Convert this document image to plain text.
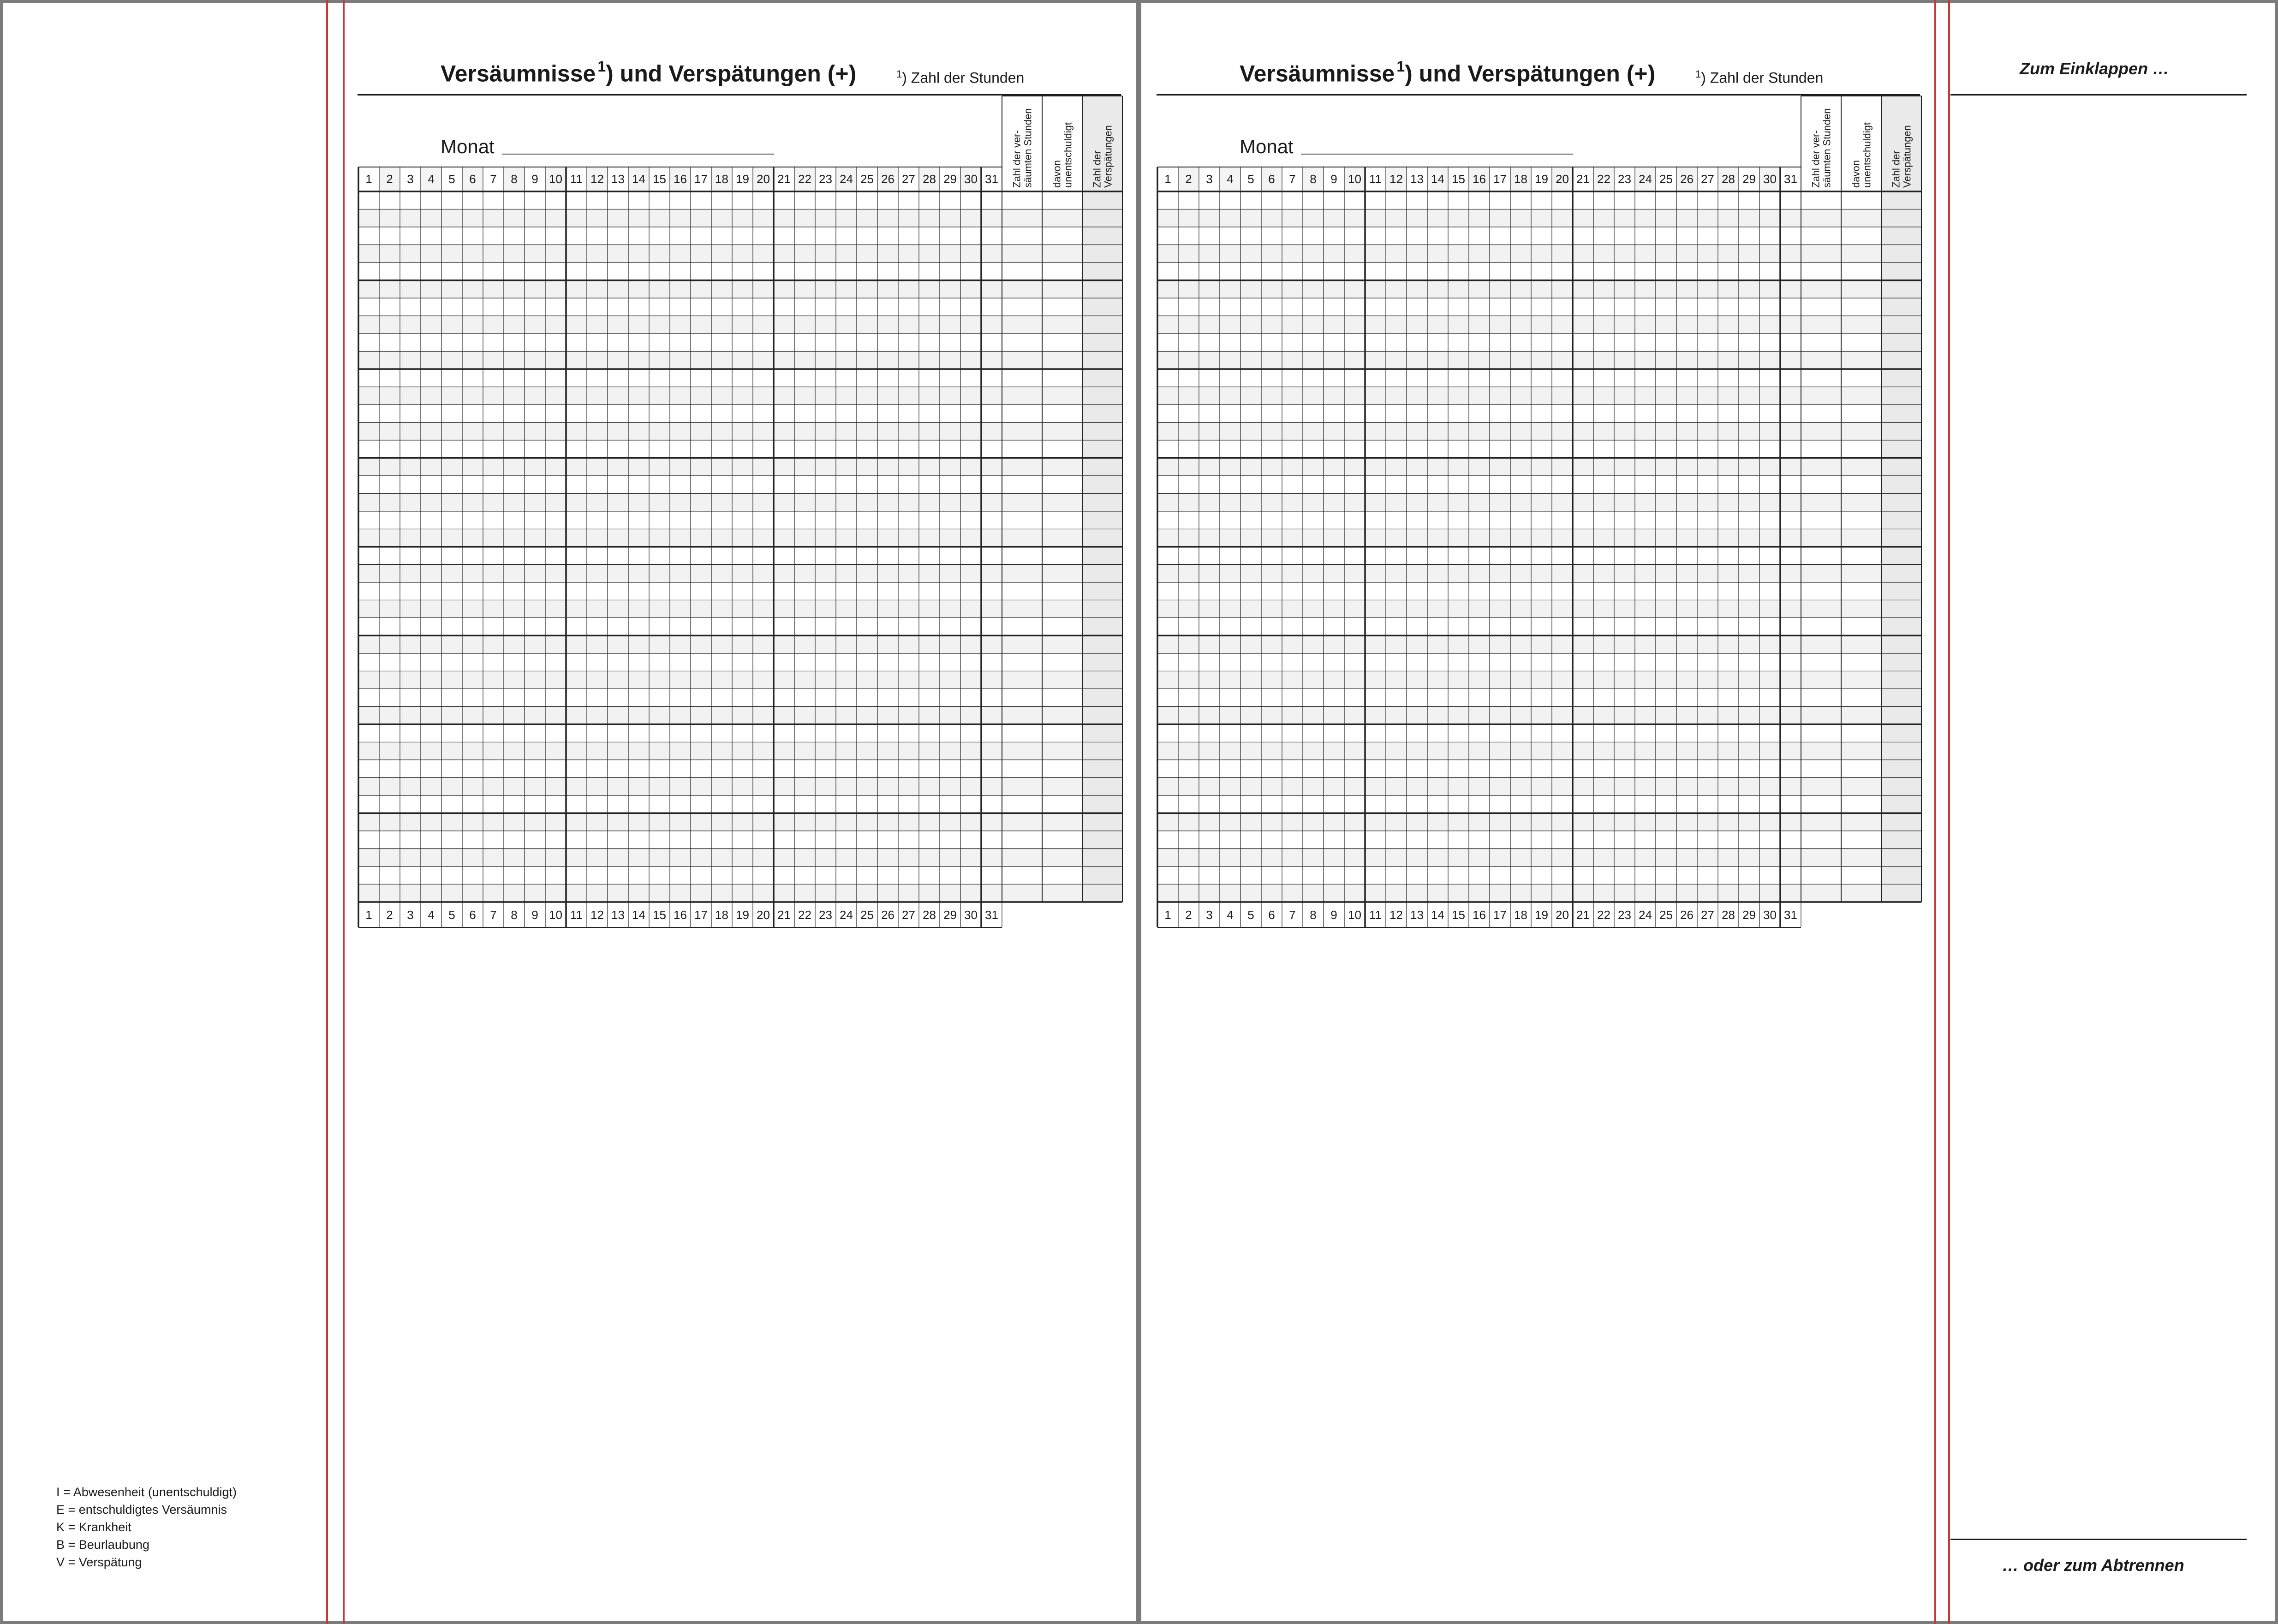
Versäumnisse $^1$) und Verspätungen (+)	$^1$) Zahl der Stunden
Monat
1
1
2
2
3
3
4
4
5
5
6
6
7
7
8
8
9
9
10
10
11
11
12
12
13
13
14
14
15
15
16
16
17
17
18
18
19
19
20
20
21
21
22
22
23
23
24
24
25
25
26
26
27
27
28
28
29
29
30
30
31
31
Zahl der ver- säumten Stunden davon unentschuldigt Zahl der Verspätungen
Versäumnisse $^1$) und Verspätungen (+)	$^1$) Zahl der Stunden
Monat
1
1
2
2
3
3
4
4
5
5
6
6
7
7
8
8
9
9
10
10
11
11
12
12
13
13
14
14
15
15
16
16
17
17
18
18
19
19
20
20
21
21
22
22
23
23
24
24
25
25
26
26
27
27
28
28
29
29
30
30
31
31
Zahl der ver- säumten Stunden davon unentschuldigt Zahl der Verspätungen
I = Abwesenheit (unentschuldigt)
E = entschuldigtes Versäumnis
K = Krankheit
B = Beurlaubung
V = Verspätung
Zum Einklappen …
… oder zum Abtrennen
